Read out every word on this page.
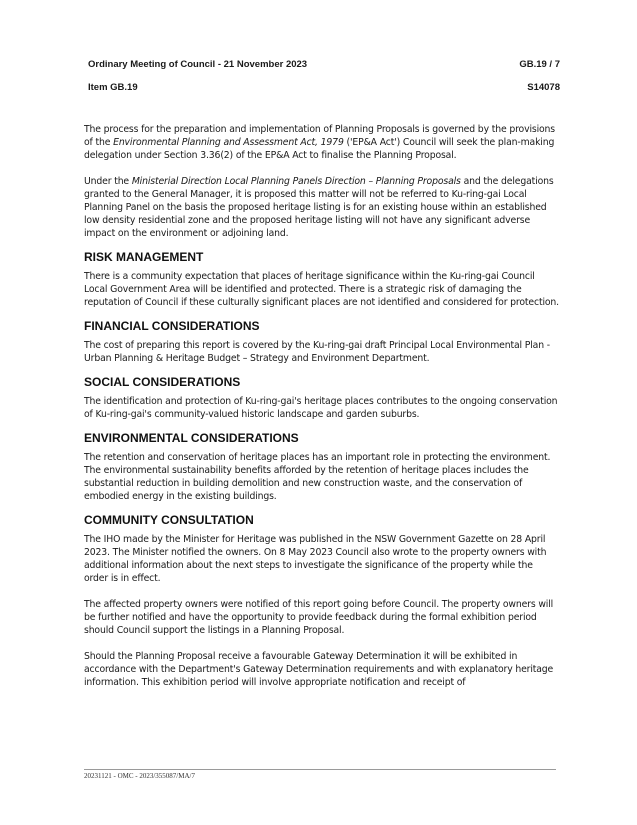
Ordinary Meeting of Council - 21 November 2023	GB.19 / 7
Item GB.19	S14078

The process for the preparation and implementation of Planning Proposals is governed by the provisions of the Environmental Planning and Assessment Act, 1979 ('EP&A Act') Council will seek the plan-making delegation under Section 3.36(2) of the EP&A Act to finalise the Planning Proposal.

Under the Ministerial Direction Local Planning Panels Direction – Planning Proposals and the delegations granted to the General Manager, it is proposed this matter will not be referred to Ku-ring-gai Local Planning Panel on the basis the proposed heritage listing is for an existing house within an established low density residential zone and the proposed heritage listing will not have any significant adverse impact on the environment or adjoining land.

RISK MANAGEMENT

There is a community expectation that places of heritage significance within the Ku-ring-gai Council Local Government Area will be identified and protected. There is a strategic risk of damaging the reputation of Council if these culturally significant places are not identified and considered for protection.

FINANCIAL CONSIDERATIONS

The cost of preparing this report is covered by the Ku-ring-gai draft Principal Local Environmental Plan - Urban Planning & Heritage Budget – Strategy and Environment Department.

SOCIAL CONSIDERATIONS

The identification and protection of Ku-ring-gai's heritage places contributes to the ongoing conservation of Ku-ring-gai's community-valued historic landscape and garden suburbs.

ENVIRONMENTAL CONSIDERATIONS

The retention and conservation of heritage places has an important role in protecting the environment. The environmental sustainability benefits afforded by the retention of heritage places includes the substantial reduction in building demolition and new construction waste, and the conservation of embodied energy in the existing buildings.

COMMUNITY CONSULTATION

The IHO made by the Minister for Heritage was published in the NSW Government Gazette on 28 April 2023. The Minister notified the owners. On 8 May 2023 Council also wrote to the property owners with additional information about the next steps to investigate the significance of the property while the order is in effect.

The affected property owners were notified of this report going before Council. The property owners will be further notified and have the opportunity to provide feedback during the formal exhibition period should Council support the listings in a Planning Proposal.

Should the Planning Proposal receive a favourable Gateway Determination it will be exhibited in accordance with the Department's Gateway Determination requirements and with explanatory heritage information. This exhibition period will involve appropriate notification and receipt of

20231121 - OMC - 2023/355087/MA/7
